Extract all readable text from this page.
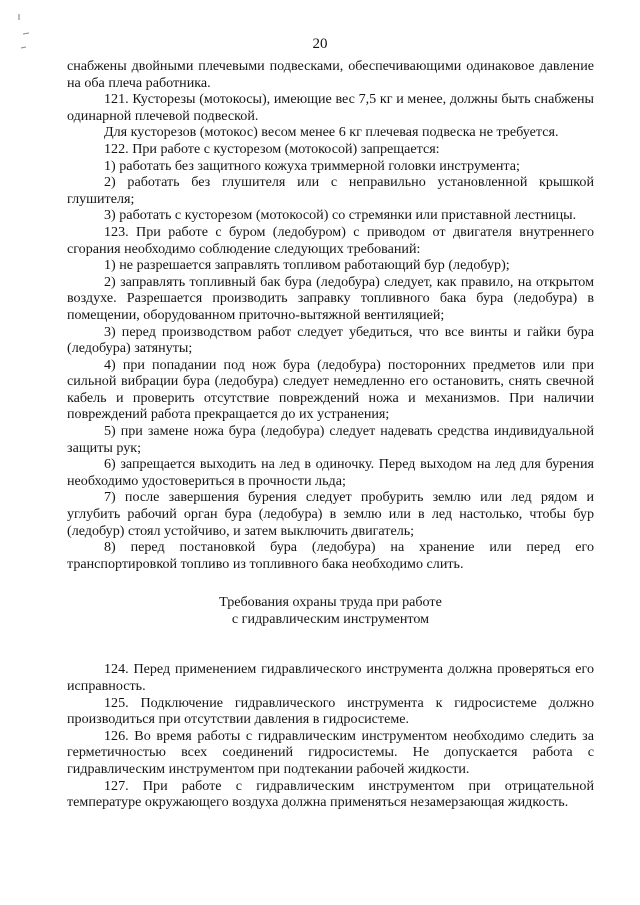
20

снабжены двойными плечевыми подвесками, обеспечивающими одинаковое давление на оба плеча работника.

121. Кусторезы (мотокосы), имеющие вес 7,5 кг и менее, должны быть снабжены одинарной плечевой подвеской.

Для кусторезов (мотокос) весом менее 6 кг плечевая подвеска не требуется.

122. При работе с кусторезом (мотокосой) запрещается:

1) работать без защитного кожуха триммерной головки инструмента;

2) работать без глушителя или с неправильно установленной крышкой глушителя;

3) работать с кусторезом (мотокосой) со стремянки или приставной лестницы.

123. При работе с буром (ледобуром) с приводом от двигателя внутреннего сгорания необходимо соблюдение следующих требований:

1) не разрешается заправлять топливом работающий бур (ледобур);

2) заправлять топливный бак бура (ледобура) следует, как правило, на открытом воздухе. Разрешается производить заправку топливного бака бура (ледобура) в помещении, оборудованном приточно-вытяжной вентиляцией;

3) перед производством работ следует убедиться, что все винты и гайки бура (ледобура) затянуты;

4) при попадании под нож бура (ледобура) посторонних предметов или при сильной вибрации бура (ледобура) следует немедленно его остановить, снять свечной кабель и проверить отсутствие повреждений ножа и механизмов. При наличии повреждений работа прекращается до их устранения;

5) при замене ножа бура (ледобура) следует надевать средства индивидуальной защиты рук;

6) запрещается выходить на лед в одиночку. Перед выходом на лед для бурения необходимо удостовериться в прочности льда;

7) после завершения бурения следует пробурить землю или лед рядом и углубить рабочий орган бура (ледобура) в землю или в лед настолько, чтобы бур (ледобур) стоял устойчиво, и затем выключить двигатель;

8) перед постановкой бура (ледобура) на хранение или перед его транспортировкой топливо из топливного бака необходимо слить.

Требования охраны труда при работе
с гидравлическим инструментом

124. Перед применением гидравлического инструмента должна проверяться его исправность.

125. Подключение гидравлического инструмента к гидросистеме должно производиться при отсутствии давления в гидросистеме.

126. Во время работы с гидравлическим инструментом необходимо следить за герметичностью всех соединений гидросистемы. Не допускается работа с гидравлическим инструментом при подтекании рабочей жидкости.

127. При работе с гидравлическим инструментом при отрицательной температуре окружающего воздуха должна применяться незамерзающая жидкость.
